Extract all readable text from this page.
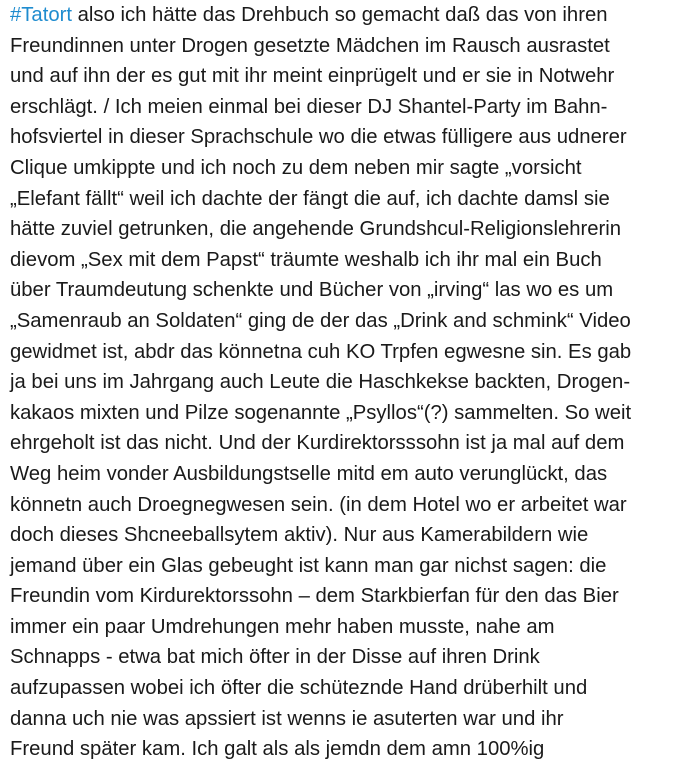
#Tatort also ich hätte das Drehbuch so gemacht daß das von ihren
Freundinnen unter Drogen gesetzte Mädchen im Rausch ausrastet
und auf ihn der es gut mit ihr meint einprügelt und er sie in Notwehr
erschlägt. / Ich meien einmal bei dieser DJ Shantel-Party im Bahn-
hofsviertel in dieser Sprachschule wo die etwas fülligere aus udnerer
Clique umkippte und ich noch zu dem neben mir sagte „vorsicht
„Elefant fällt“ weil ich dachte der fängt die auf, ich dachte damsl sie
hätte zuviel getrunken, die angehende Grundshcul-Religionslehrerin
dievom „Sex mit dem Papst“ träumte weshalb ich ihr mal ein Buch
über Traumdeutung schenkte und Bücher von „irving“ las wo es um
„Samenraub an Soldaten“ ging de der das „Drink and schmink“ Video
gewidmet ist, abdr das könnetna cuh KO Trpfen egwesne sin. Es gab
ja bei uns im Jahrgang auch Leute die Haschkekse backten, Drogen-
kakaos mixten und Pilze sogenannte „Psyllos“(?) sammelten. So weit
ehrgeholt ist das nicht. Und der Kurdirektorsssohn ist ja mal auf dem
Weg heim vonder Ausbildungstselle mitd em auto verunglückt, das
könnetn auch Droegnegwesen sein. (in dem Hotel wo er arbeitet war
doch dieses Shcneeballsytem aktiv). Nur aus Kamerabildern wie
jemand über ein Glas gebeught ist kann man gar nichst sagen: die
Freundin vom Kirdurektorssohn – dem Starkbierfan für den das Bier
immer ein paar Umdrehungen mehr haben musste, nahe am
Schnapps - etwa bat mich öfter in der Disse auf ihren Drink
aufzupassen wobei ich öfter die schüteznde Hand drüberhilt und
danna uch nie was apssiert ist wenns ie asuterten war und ihr
Freund später kam. Ich galt als als jemdn dem amn 100%ig
